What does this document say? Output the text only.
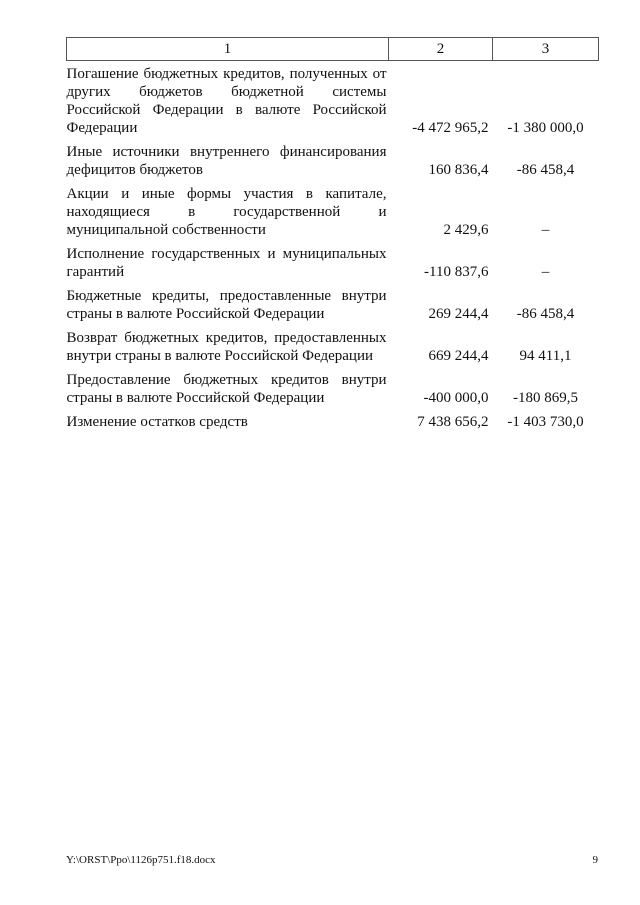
1	2	3
Погашение бюджетных кредитов, полученных от других бюджетов бюджетной системы Российской Федерации в валюте Российской Федерации	-4 472 965,2	-1 380 000,0
Иные источники внутреннего финансирования дефицитов бюджетов	160 836,4	-86 458,4
Акции и иные формы участия в капитале, находящиеся в государственной и муниципальной собственности	2 429,6	–
Исполнение государственных и муниципальных гарантий	-110 837,6	–
Бюджетные кредиты, предоставленные внутри страны в валюте Российской Федерации	269 244,4	-86 458,4
Возврат бюджетных кредитов, предоставленных внутри страны в валюте Российской Федерации	669 244,4	94 411,1
Предоставление бюджетных кредитов внутри страны в валюте Российской Федерации	-400 000,0	-180 869,5
Изменение остатков средств	7 438 656,2	-1 403 730,0
Y:\ORST\Ppo\1126p751.f18.docx	9
